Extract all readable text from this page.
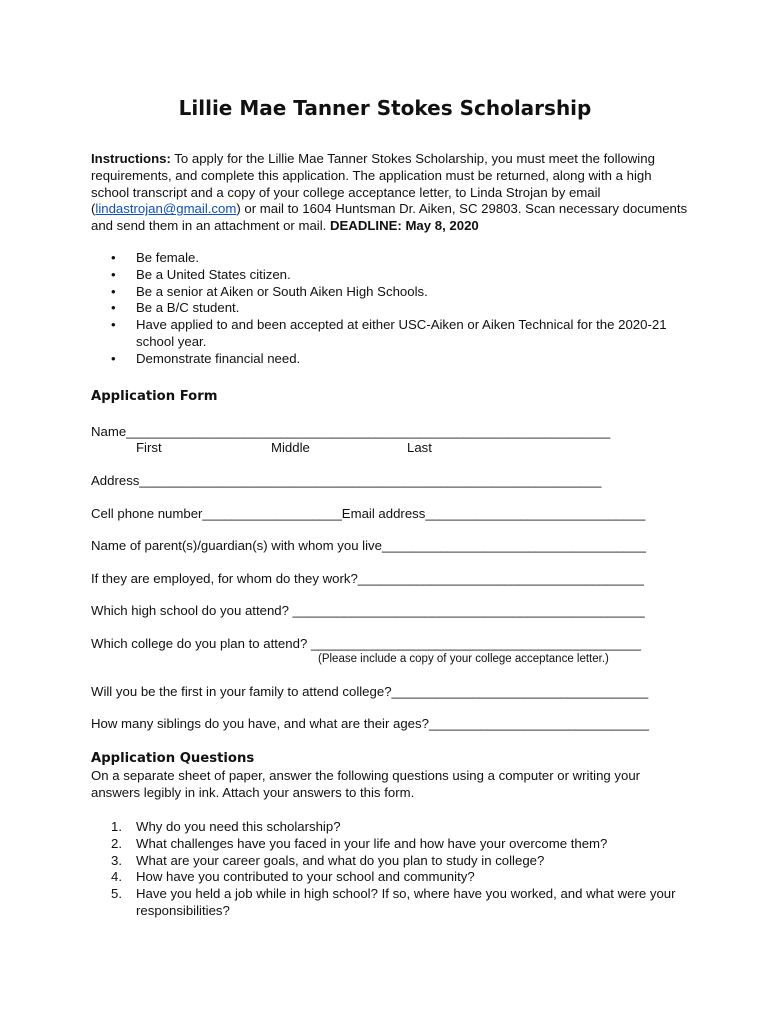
Lillie Mae Tanner Stokes Scholarship

Instructions: To apply for the Lillie Mae Tanner Stokes Scholarship, you must meet the following requirements, and complete this application. The application must be returned, along with a high school transcript and a copy of your college acceptance letter, to Linda Strojan by email (lindastrojan@gmail.com) or mail to 1604 Huntsman Dr. Aiken, SC 29803. Scan necessary documents and send them in an attachment or mail. DEADLINE: May 8, 2020

• Be female.
• Be a United States citizen.
• Be a senior at Aiken or South Aiken High Schools.
• Be a B/C student.
• Have applied to and been accepted at either USC-Aiken or Aiken Technical for the 2020-21 school year.
• Demonstrate financial need.
Application Form

Name__________________________________________________________________

First	Middle	Last

Address_______________________________________________________________

Cell phone number___________________Email address______________________________

Name of parent(s)/guardian(s) with whom you live____________________________________

If they are employed, for whom do they work?_______________________________________

Which high school do you attend? ________________________________________________

Which college do you plan to attend? _____________________________________________

(Please include a copy of your college acceptance letter.)

Will you be the first in your family to attend college?___________________________________

How many siblings do you have, and what are their ages?______________________________

Application Questions

On a separate sheet of paper, answer the following questions using a computer or writing your answers legibly in ink. Attach your answers to this form.

1. Why do you need this scholarship?
2. What challenges have you faced in your life and how have your overcome them?
3. What are your career goals, and what do you plan to study in college?
4. How have you contributed to your school and community?
5. Have you held a job while in high school? If so, where have you worked, and what were your responsibilities?
